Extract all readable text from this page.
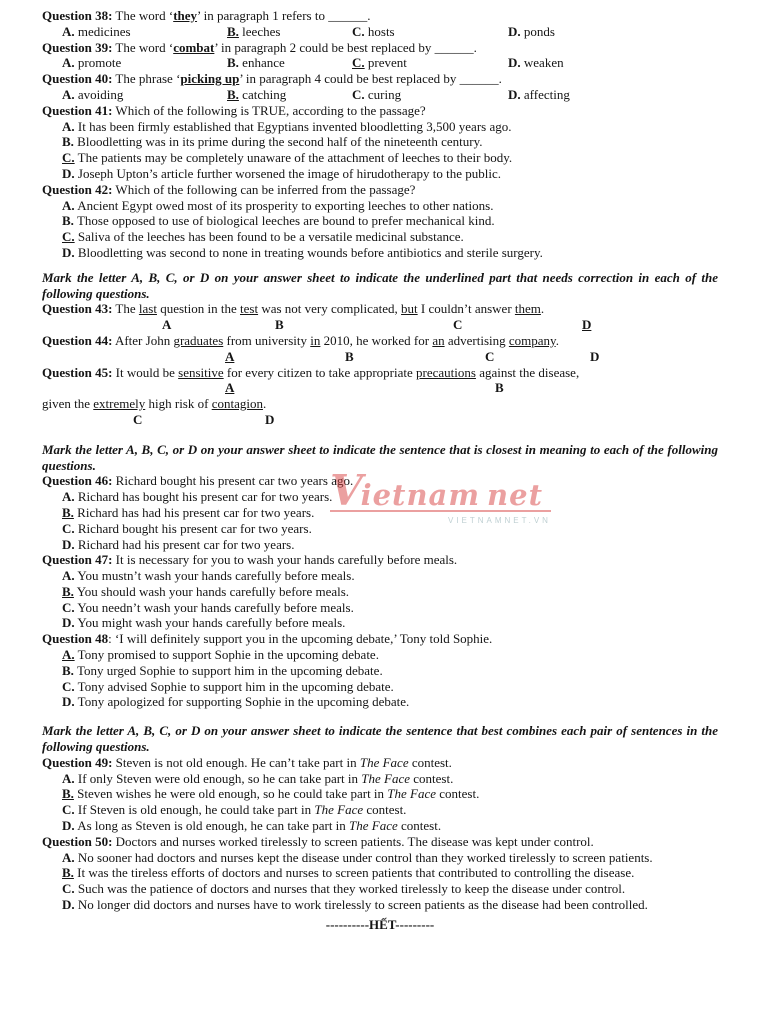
Question 38: The word ‘they’ in paragraph 1 refers to ______.

A. medicines	B. leeches	C. hosts	D. ponds

Question 39: The word ‘combat’ in paragraph 2 could be best replaced by ______.

A. promote	B. enhance	C. prevent	D. weaken

Question 40: The phrase ‘picking up’ in paragraph 4 could be best replaced by ______.

A. avoiding	B. catching	C. curing	D. affecting

Question 41: Which of the following is TRUE, according to the passage?

A. It has been firmly established that Egyptians invented bloodletting 3,500 years ago.
B. Bloodletting was in its prime during the second half of the nineteenth century.
C. The patients may be completely unaware of the attachment of leeches to their body.
D. Joseph Upton’s article further worsened the image of hirudotherapy to the public.

Question 42: Which of the following can be inferred from the passage?

A. Ancient Egypt owed most of its prosperity to exporting leeches to other nations.
B. Those opposed to use of biological leeches are bound to prefer mechanical kind.
C. Saliva of the leeches has been found to be a versatile medicinal substance.
D. Bloodletting was second to none in treating wounds before antibiotics and sterile surgery.

Mark the letter A, B, C, or D on your answer sheet to indicate the underlined part that needs correction in each of the following questions.

Question 43: The last question in the test was not very complicated, but I couldn’t answer them.

A	B	C	D

Question 44: After John graduates from university in 2010, he worked for an advertising company.

A	B	C	D

Question 45: It would be sensitive for every citizen to take appropriate precautions against the disease,

A	B

given the extremely high risk of contagion.

C	D

Mark the letter A, B, C, or D on your answer sheet to indicate the sentence that is closest in meaning to each of the following questions.

Question 46: Richard bought his present car two years ago.

A. Richard has bought his present car for two years.
B. Richard has had his present car for two years.
C. Richard bought his present car for two years.
D. Richard had his present car for two years.

Question 47: It is necessary for you to wash your hands carefully before meals.

A. You mustn’t wash your hands carefully before meals.
B. You should wash your hands carefully before meals.
C. You needn’t wash your hands carefully before meals.
D. You might wash your hands carefully before meals.

Question 48: ‘I will definitely support you in the upcoming debate,’ Tony told Sophie.

A. Tony promised to support Sophie in the upcoming debate.
B. Tony urged Sophie to support him in the upcoming debate.
C. Tony advised Sophie to support him in the upcoming debate.
D. Tony apologized for supporting Sophie in the upcoming debate.

Mark the letter A, B, C, or D on your answer sheet to indicate the sentence that best combines each pair of sentences in the following questions.

Question 49: Steven is not old enough. He can’t take part in The Face contest.

A. If only Steven were old enough, so he can take part in The Face contest.
B. Steven wishes he were old enough, so he could take part in The Face contest.
C. If Steven is old enough, he could take part in The Face contest.
D. As long as Steven is old enough, he can take part in The Face contest.

Question 50: Doctors and nurses worked tirelessly to screen patients. The disease was kept under control.

A. No sooner had doctors and nurses kept the disease under control than they worked tirelessly to screen patients.
B. It was the tireless efforts of doctors and nurses to screen patients that contributed to controlling the disease.
C. Such was the patience of doctors and nurses that they worked tirelessly to keep the disease under control.
D. No longer did doctors and nurses have to work tirelessly to screen patients as the disease had been controlled.
----------HẾT---------
Vietnam net
VIETNAMNET.VN
